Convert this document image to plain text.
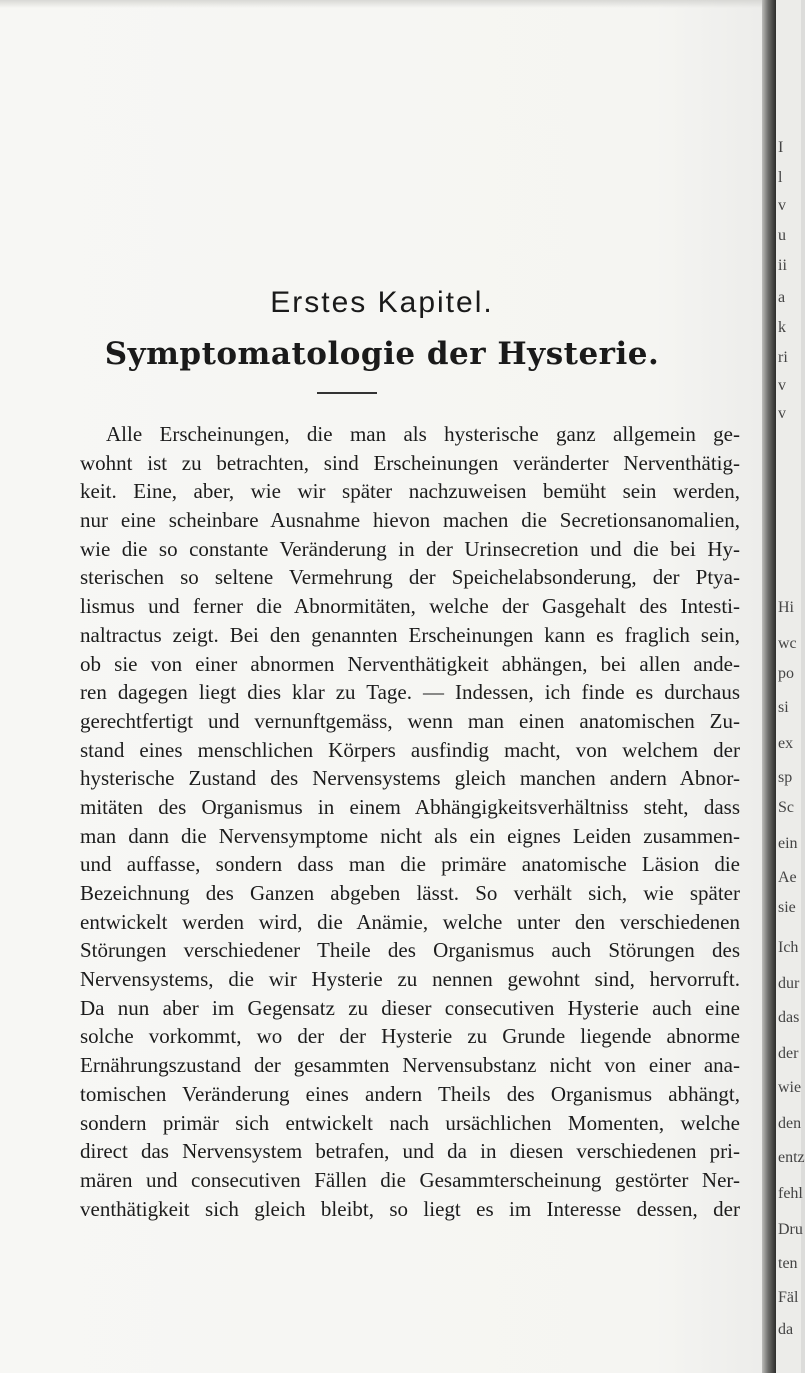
Erstes Kapitel.
Symptomatologie der Hysterie.
Alle Erscheinungen, die man als hysterische ganz allgemein ge-
wohnt ist zu betrachten, sind Erscheinungen veränderter Nerventhätig-
keit. Eine, aber, wie wir später nachzuweisen bemüht sein werden,
nur eine scheinbare Ausnahme hievon machen die Secretionsanomalien,
wie die so constante Veränderung in der Urinsecretion und die bei Hy-
sterischen so seltene Vermehrung der Speichelabsonderung, der Ptya-
lismus und ferner die Abnormitäten, welche der Gasgehalt des Intesti-
naltractus zeigt. Bei den genannten Erscheinungen kann es fraglich sein,
ob sie von einer abnormen Nerventhätigkeit abhängen, bei allen ande-
ren dagegen liegt dies klar zu Tage. — Indessen, ich finde es durchaus
gerechtfertigt und vernunftgemäss, wenn man einen anatomischen Zu-
stand eines menschlichen Körpers ausfindig macht, von welchem der
hysterische Zustand des Nervensystems gleich manchen andern Abnor-
mitäten des Organismus in einem Abhängigkeitsverhältniss steht, dass
man dann die Nervensymptome nicht als ein eignes Leiden zusammen-
und auffasse, sondern dass man die primäre anatomische Läsion die
Bezeichnung des Ganzen abgeben lässt. So verhält sich, wie später
entwickelt werden wird, die Anämie, welche unter den verschiedenen
Störungen verschiedener Theile des Organismus auch Störungen des
Nervensystems, die wir Hysterie zu nennen gewohnt sind, hervorruft.
Da nun aber im Gegensatz zu dieser consecutiven Hysterie auch eine
solche vorkommt, wo der der Hysterie zu Grunde liegende abnorme
Ernährungszustand der gesammten Nervensubstanz nicht von einer ana-
tomischen Veränderung eines andern Theils des Organismus abhängt,
sondern primär sich entwickelt nach ursächlichen Momenten, welche
direct das Nervensystem betrafen, und da in diesen verschiedenen pri-
mären und consecutiven Fällen die Gesammterscheinung gestörter Ner-
venthätigkeit sich gleich bleibt, so liegt es im Interesse dessen, der
I
l
v
u
ii
a
k
ri
v
v
Hi
wc
po
si
ex
sp
Sc
ein
Ae
sie
Ich
dur
das
der
wie
den
entz
fehl
Dru
ten
Fäl
da
